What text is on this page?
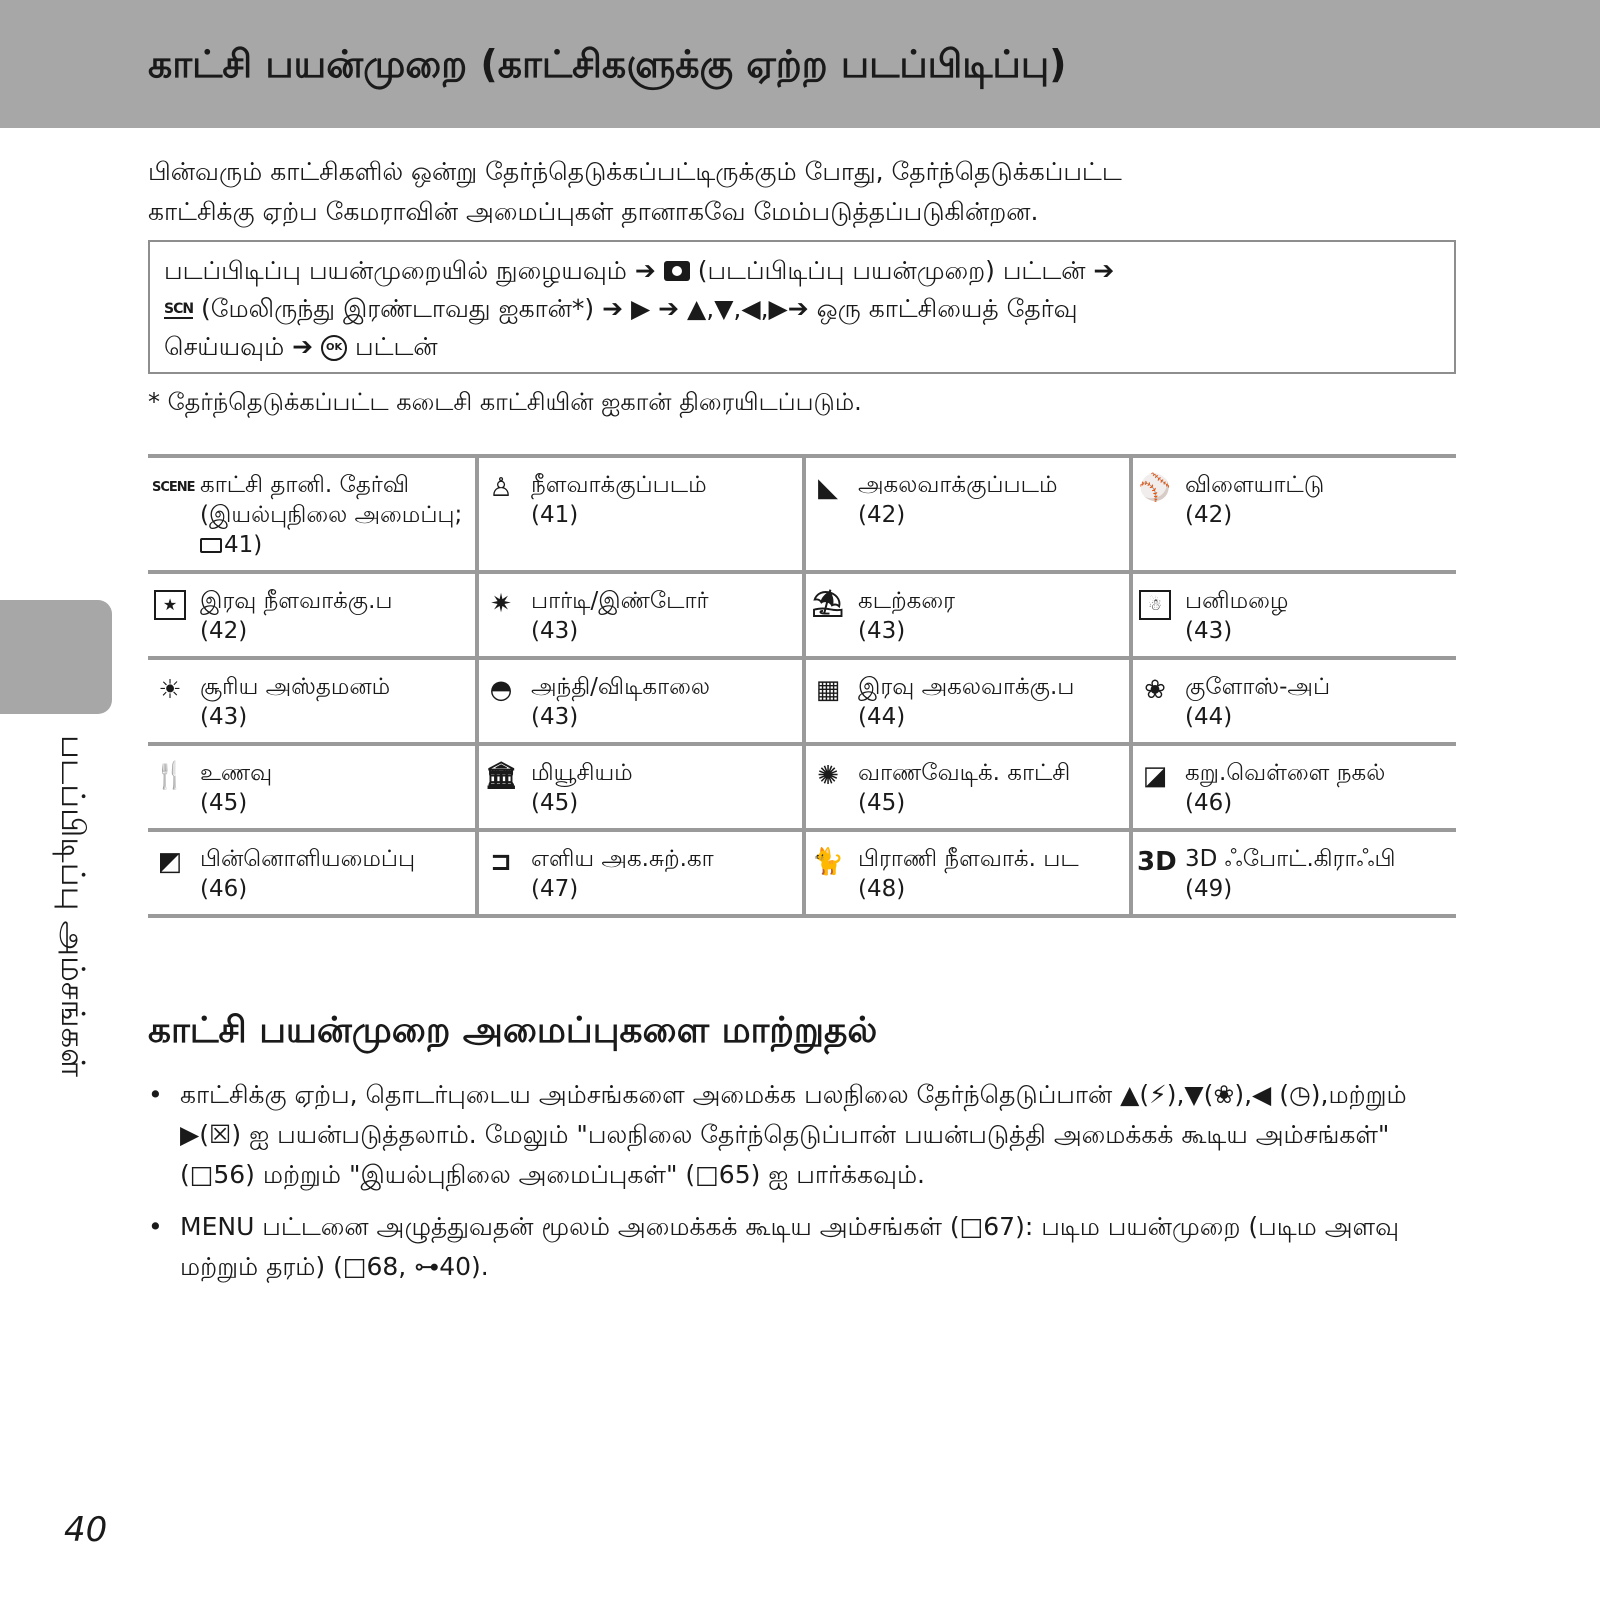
காட்சி பயன்முறை (காட்சிகளுக்கு ஏற்ற படப்பிடிப்பு)

பின்வரும் காட்சிகளில் ஒன்று தேர்ந்தெடுக்கப்பட்டிருக்கும் போது, தேர்ந்தெடுக்கப்பட்ட

காட்சிக்கு ஏற்ப கேமராவின் அமைப்புகள் தானாகவே மேம்படுத்தப்படுகின்றன.

படப்பிடிப்பு பயன்முறையில் நுழையவும் ➔ (படப்பிடிப்பு பயன்முறை) பட்டன் ➔

SCN (மேலிருந்து இரண்டாவது ஐகான்*) ➔ ▶ ➔ ▲,▼,◀,▶➔ ஒரு காட்சியைத் தேர்வு

செய்யவும் ➔ OK பட்டன்

* தேர்ந்தெடுக்கப்பட்ட கடைசி காட்சியின் ஐகான் திரையிடப்படும்.
SCENE காட்சி தானி. தேர்வி (இயல்புநிலை அமைப்பு; 41)
♙ நீளவாக்குப்படம்
(41)
◣ அகலவாக்குப்படம்
(42)
⚾ விளையாட்டு
(42)
★ இரவு நீளவாக்கு.ப
(42)
✷ பார்டி/இண்டோர்
(43)
⛱ கடற்கரை
(43)
☃ பனிமழை
(43)
☀ சூரிய அஸ்தமனம்
(43)
◓ அந்தி/விடிகாலை
(43)
▦ இரவு அகலவாக்கு.ப
(44)
❀ குளோஸ்-அப்
(44)
🍴 உணவு
(45)
🏛 மியூசியம்
(45)
✺ வாணவேடிக். காட்சி (45)
◪ கறு.வெள்ளை நகல்
(46)
◩ பின்னொளியமைப்பு
(46)
⊐ எளிய அக.சுற்.கா
(47)
🐈 பிராணி நீளவாக். பட
(48)
3D 3D ஃபோட்.கிராஃபி
(49)
காட்சி பயன்முறை அமைப்புகளை மாற்றுதல்
• காட்சிக்கு ஏற்ப, தொடர்புடைய அம்சங்களை அமைக்க பலநிலை தேர்ந்தெடுப்பான் ▲(⚡),▼(❀),◀ (◷),மற்றும் ▶(☒) ஐ பயன்படுத்தலாம். மேலும் "பலநிலை தேர்ந்தெடுப்பான் பயன்படுத்தி அமைக்கக் கூடிய அம்சங்கள்" (□56) மற்றும் "இயல்புநிலை அமைப்புகள்" (□65) ஐ பார்க்கவும்.
• MENU பட்டனை அழுத்துவதன் மூலம் அமைக்கக் கூடிய அம்சங்கள் (□67): படிம பயன்முறை (படிம அளவு மற்றும் தரம்) (□68, ⊶40).
படப்பிடிப்பு அம்சங்கள்
40
